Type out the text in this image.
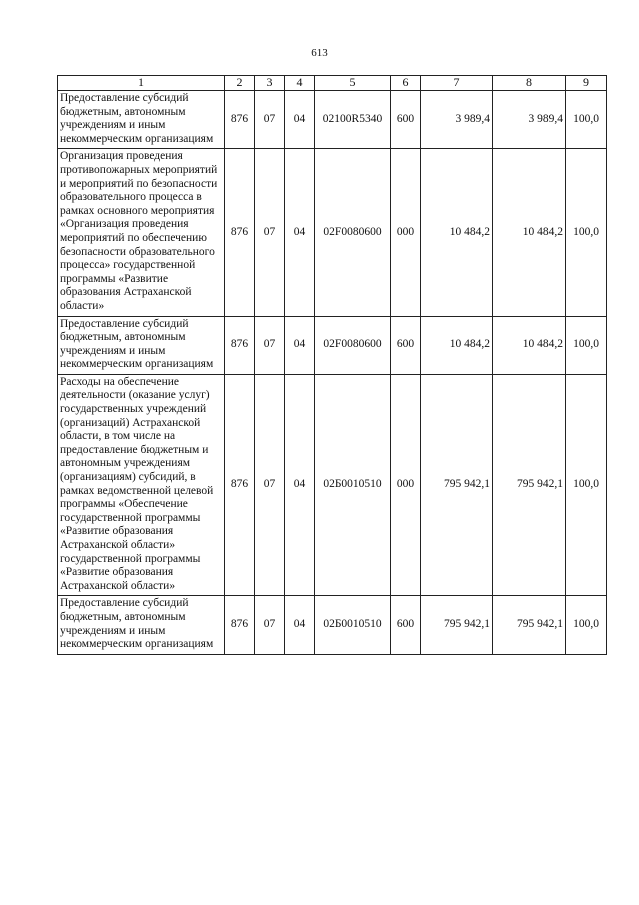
613
1	2	3	4	5	6	7	8	9
Предоставление субсидий бюджетным, автономным учреждениям и иным некоммерческим организациям	876	07	04	02100R5340	600	3 989,4	3 989,4	100,0
Организация проведения противопожарных мероприятий и мероприятий по безопасности образовательного процесса в рамках основного мероприятия «Организация проведения мероприятий по обеспечению безопасности образовательного процесса» государственной программы «Развитие образования Астраханской области»	876	07	04	02F0080600	000	10 484,2	10 484,2	100,0
Предоставление субсидий бюджетным, автономным учреждениям и иным некоммерческим организациям	876	07	04	02F0080600	600	10 484,2	10 484,2	100,0
Расходы на обеспечение деятельности (оказание услуг) государственных учреждений (организаций) Астраханской области, в том числе на предоставление бюджетным и автономным учреждениям (организациям) субсидий, в рамках ведомственной целевой программы «Обеспечение государственной программы «Развитие образования Астраханской области» государственной программы «Развитие образования Астраханской области»	876	07	04	02Б0010510	000	795 942,1	795 942,1	100,0
Предоставление субсидий бюджетным, автономным учреждениям и иным некоммерческим организациям	876	07	04	02Б0010510	600	795 942,1	795 942,1	100,0
